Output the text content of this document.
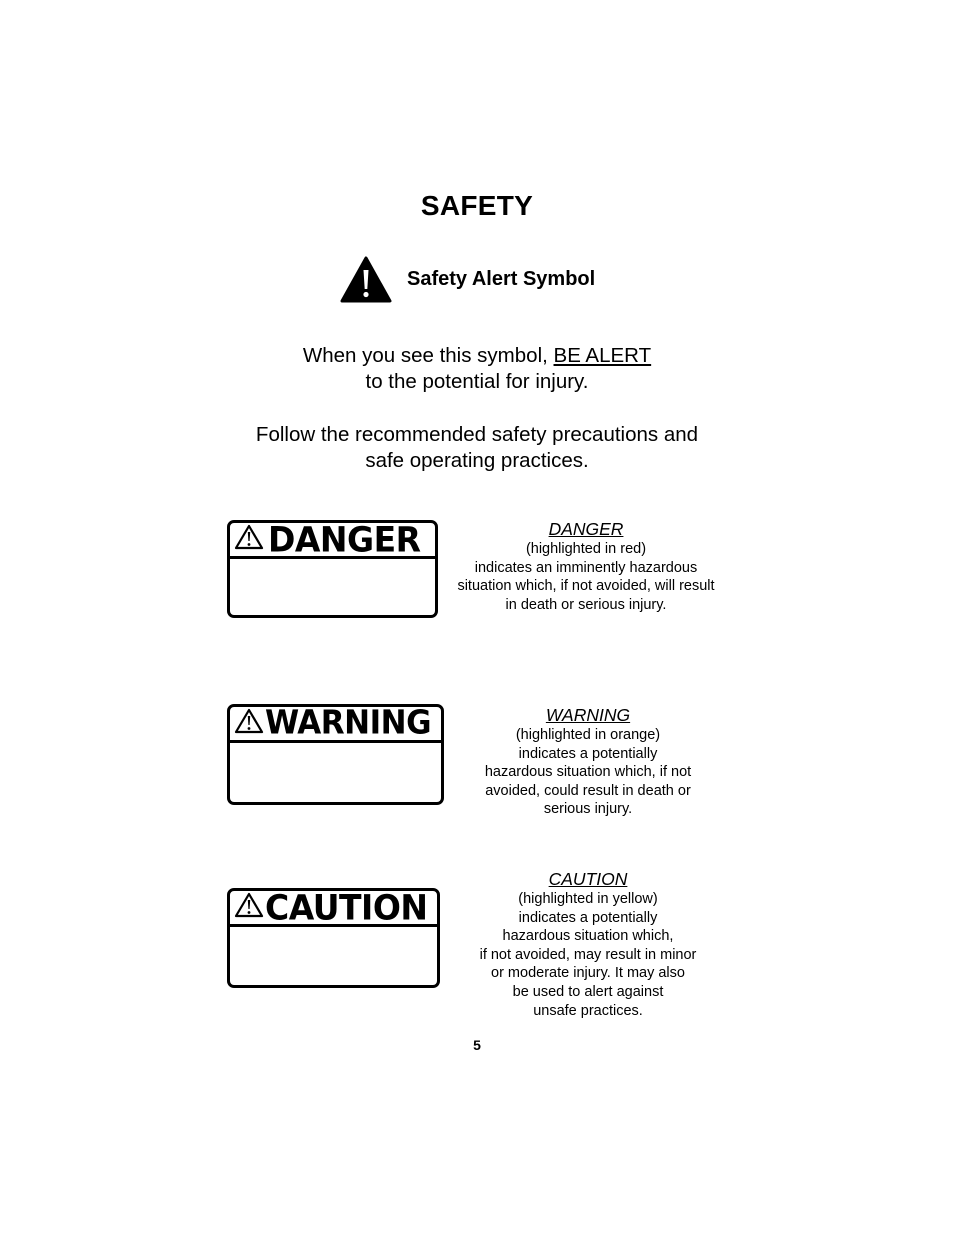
SAFETY
Safety Alert Symbol
When you see this symbol, BE ALERT
to the potential for injury.
Follow the recommended safety precautions and
safe operating practices.
DANGER	DANGER
(highlighted in red)
indicates an imminently hazardous
situation which, if not avoided, will result
in death or serious injury.
WARNING	WARNING
(highlighted in orange)
indicates a potentially
hazardous situation which, if not
avoided, could result in death or
serious injury.
CAUTION
CAUTION
(highlighted in yellow)
indicates a potentially
hazardous situation which,
if not avoided, may result in minor
or moderate injury. It may also
be used to alert against
unsafe practices.
5
